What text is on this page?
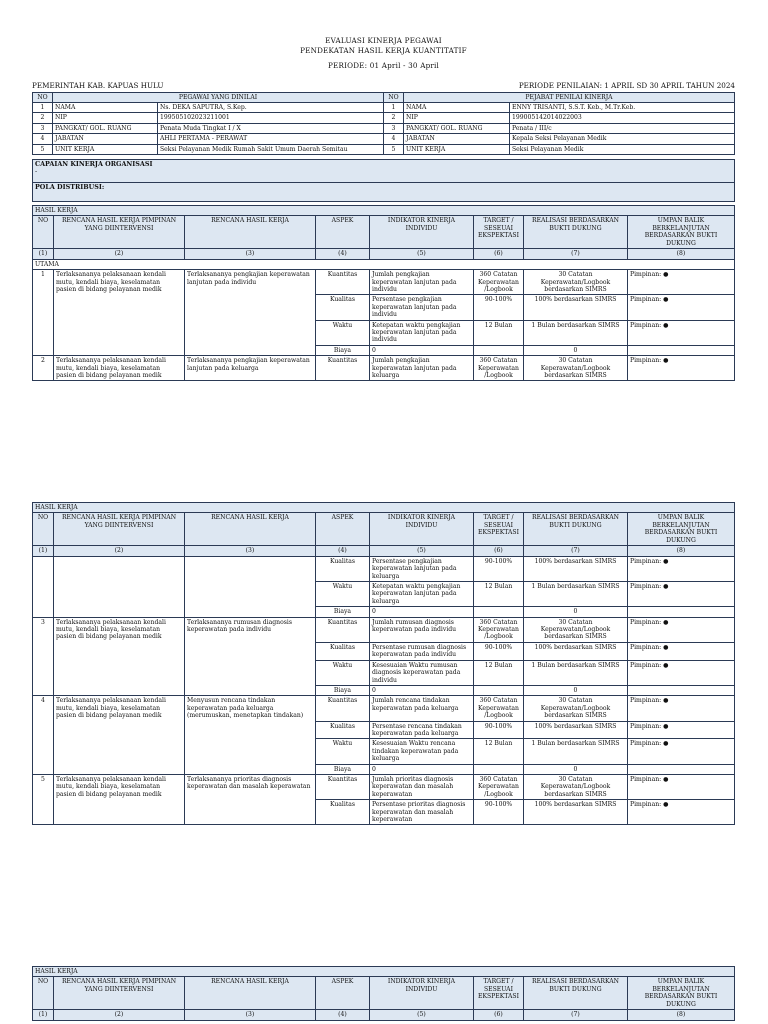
EVALUASI KINERJA PEGAWAI
PENDEKATAN HASIL KERJA KUANTITATIF
PERIODE: 01 April - 30 April
PEMERINTAH KAB. KAPUAS HULU	PERIODE PENILAIAN: 1 APRIL SD 30 APRIL TAHUN 2024
NO	PEGAWAI YANG DINILAI		NO	PEJABAT PENILAI KINERJA	
1	NAMA	Ns. DEKA SAPUTRA, S.Kep.	1	NAMA	ENNY TRISANTI, S.S.T. Keb., M.Tr.Keb.
2	NIP	199505102023211001	2	NIP	199005142014022003
3	PANGKAT/ GOL. RUANG	Penata Muda Tingkat I / X	3	PANGKAT/ GOL. RUANG	Penata / III/c
4	JABATAN	AHLI PERTAMA - PERAWAT	4	JABATAN	Kepala Seksi Pelayanan Medik
5	UNIT KERJA	Seksi Pelayanan Medik Rumah Sakit Umum Daerah Semitau	5	UNIT KERJA	Seksi Pelayanan Medik
CAPAIAN KINERJA ORGANISASI
-
POLA DISTRIBUSI:
HASIL KERJA							
NO	RENCANA HASIL KERJA PIMPINAN YANG DIINTERVENSI	RENCANA HASIL KERJA	ASPEK	INDIKATOR KINERJA INDIVIDU	TARGET / SESEUAI EKSPEKTASI	REALISASI BERDASARKAN BUKTI DUKUNG	UMPAN BALIK BERKELANJUTAN BERDASARKAN BUKTI DUKUNG
(1)	(2)	(3)	(4)	(5)	(6)	(7)	(8)
UTAMA							
1	Terlaksananya pelaksanaan kendali mutu, kendali biaya, keselamatan pasien di bidang pelayanan medik	Terlaksananya pengkajian keperawatan lanjutan pada individu	Kuantitas	Jumlah pengkajian keperawatan lanjutan pada individu	360 Catatan Keperawatan /Logbook	30 Catatan Keperawatan/Logbook berdasarkan SIMRS	Pimpinan: ●
			Kualitas	Persentase pengkajian keperawatan lanjutan pada individu	90-100%	100% berdasarkan SIMRS	Pimpinan: ●
			Waktu	Ketepatan waktu pengkajian keperawatan lanjutan pada individu	12 Bulan	1 Bulan berdasarkan SIMRS	Pimpinan: ●
			Biaya	0		0	
2	Terlaksananya pelaksanaan kendali mutu, kendali biaya, keselamatan pasien di bidang pelayanan medik	Terlaksananya pengkajian keperawatan lanjutan pada keluarga	Kuantitas	Jumlah pengkajian keperawatan lanjutan pada keluarga	360 Catatan Keperawatan /Logbook	30 Catatan Keperawatan/Logbook berdasarkan SIMRS	Pimpinan: ●
HASIL KERJA							
NO	RENCANA HASIL KERJA PIMPINAN YANG DIINTERVENSI	RENCANA HASIL KERJA	ASPEK	INDIKATOR KINERJA INDIVIDU	TARGET / SESEUAI EKSPEKTASI	REALISASI BERDASARKAN BUKTI DUKUNG	UMPAN BALIK BERKELANJUTAN BERDASARKAN BUKTI DUKUNG
(1)	(2)	(3)	(4)	(5)	(6)	(7)	(8)
			Kualitas	Persentase pengkajian keperawatan lanjutan pada keluarga	90-100%	100% berdasarkan SIMRS	Pimpinan: ●
			Waktu	Ketepatan waktu pengkajian keperawatan lanjutan pada keluarga	12 Bulan	1 Bulan berdasarkan SIMRS	Pimpinan: ●
			Biaya	0		0	
3	Terlaksananya pelaksanaan kendali mutu, kendali biaya, keselamatan pasien di bidang pelayanan medik	Terlaksananya rumusan diagnosis keperawatan pada individu	Kuantitas	Jumlah rumusan diagnosis keperawatan pada individu	360 Catatan Keperawatan /Logbook	30 Catatan Keperawatan/Logbook berdasarkan SIMRS	Pimpinan: ●
			Kualitas	Persentase rumusan diagnosis keperawatan pada individu	90-100%	100% berdasarkan SIMRS	Pimpinan: ●
			Waktu	Kesesuaian Waktu rumusan diagnosis keperawatan pada individu	12 Bulan	1 Bulan berdasarkan SIMRS	Pimpinan: ●
			Biaya	0		0	
4	Terlaksananya pelaksanaan kendali mutu, kendali biaya, keselamatan pasien di bidang pelayanan medik	Menyusun rencana tindakan keperawatan pada keluarga (merumuskan, menetapkan tindakan)	Kuantitas	Jumlah rencana tindakan keperawatan pada keluarga	360 Catatan Keperawatan /Logbook	30 Catatan Keperawatan/Logbook berdasarkan SIMRS	Pimpinan: ●
			Kualitas	Persentase rencana tindakan keperawatan pada keluarga	90-100%	100% berdasarkan SIMRS	Pimpinan: ●
			Waktu	Kesesuaian Waktu rencana tindakan keperawatan pada keluarga	12 Bulan	1 Bulan berdasarkan SIMRS	Pimpinan: ●
			Biaya	0		0	
5	Terlaksananya pelaksanaan kendali mutu, kendali biaya, keselamatan pasien di bidang pelayanan medik	Terlaksananya prioritas diagnosis keperawatan dan masalah keperawatan	Kuantitas	Jumlah prioritas diagnosis keperawatan dan masalah keperawatan	360 Catatan Keperawatan /Logbook	30 Catatan Keperawatan/Logbook berdasarkan SIMRS	Pimpinan: ●
			Kualitas	Persentase prioritas diagnosis keperawatan dan masalah keperawatan	90-100%	100% berdasarkan SIMRS	Pimpinan: ●
HASIL KERJA							
NO	RENCANA HASIL KERJA PIMPINAN YANG DIINTERVENSI	RENCANA HASIL KERJA	ASPEK	INDIKATOR KINERJA INDIVIDU	TARGET / SESEUAI EKSPEKTASI	REALISASI BERDASARKAN BUKTI DUKUNG	UMPAN BALIK BERKELANJUTAN BERDASARKAN BUKTI DUKUNG
(1)	(2)	(3)	(4)	(5)	(6)	(7)	(8)
